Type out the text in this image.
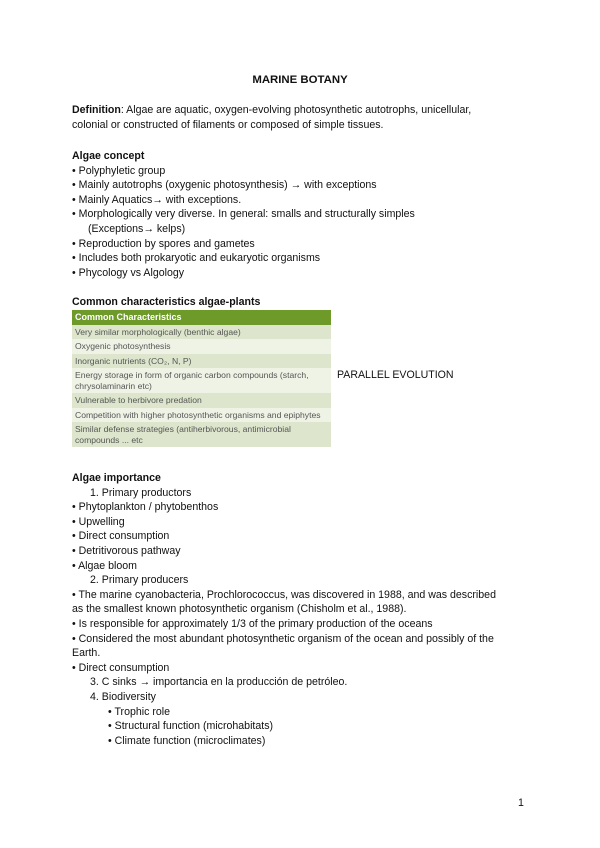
MARINE BOTANY
Definition: Algae are aquatic, oxygen-evolving photosynthetic autotrophs, unicellular,
colonial or constructed of filaments or composed of simple tissues.
Algae concept
• Polyphyletic group
• Mainly autotrophs (oxygenic photosynthesis) → with exceptions
• Mainly Aquatics→ with exceptions.
• Morphologically very diverse. In general: smalls and structurally simples
(Exceptions→ kelps)
• Reproduction by spores and gametes
• Includes both prokaryotic and eukaryotic organisms
• Phycology vs Algology
Common characteristics algae-plants
Common Characteristics
Very similar morphologically (benthic algae)
Oxygenic photosynthesis
Inorganic nutrients (CO₂, N, P)
Energy storage in form of organic carbon compounds (starch, chrysolaminarin etc)
Vulnerable to herbivore predation
Competition with higher photosynthetic organisms and epiphytes
Similar defense strategies (antiherbivorous, antimicrobial compounds ... etc
PARALLEL EVOLUTION
Algae importance
1. Primary productors
• Phytoplankton / phytobenthos
• Upwelling
• Direct consumption
• Detritivorous pathway
• Algae bloom
2. Primary producers
• The marine cyanobacteria, Prochlorococcus, was discovered in 1988, and was described
as the smallest known photosynthetic organism (Chisholm et al., 1988).
• Is responsible for approximately 1/3 of the primary production of the oceans
• Considered the most abundant photosynthetic organism of the ocean and possibly of the
Earth.
• Direct consumption
3. C sinks → importancia en la producción de petróleo.
4. Biodiversity
• Trophic role
• Structural function (microhabitats)
• Climate function (microclimates)
1
